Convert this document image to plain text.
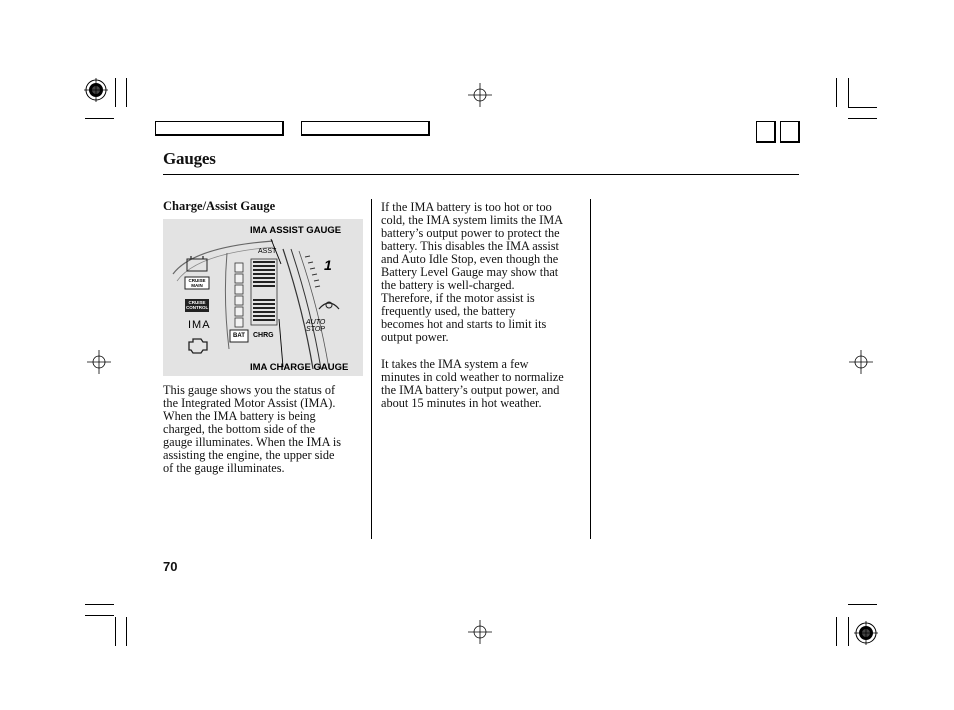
Gauges
Charge/Assist Gauge
IMA ASSIST GAUGE
IMA CHARGE GAUGE
ASST
CHRG
BAT
1
AUTO
STOP
CRUISE
MAIN
CRUISE
CONTROL
IMA
This gauge shows you the status of
the Integrated Motor Assist (IMA).
When the IMA battery is being
charged, the bottom side of the
gauge illuminates. When the IMA is
assisting the engine, the upper side
of the gauge illuminates.
If the IMA battery is too hot or too
cold, the IMA system limits the IMA
battery’s output power to protect the
battery. This disables the IMA assist
and Auto Idle Stop, even though the
Battery Level Gauge may show that
the battery is well-charged.
Therefore, if the motor assist is
frequently used, the battery
becomes hot and starts to limit its
output power.
It takes the IMA system a few
minutes in cold weather to normalize
the IMA battery’s output power, and
about 15 minutes in hot weather.
70
